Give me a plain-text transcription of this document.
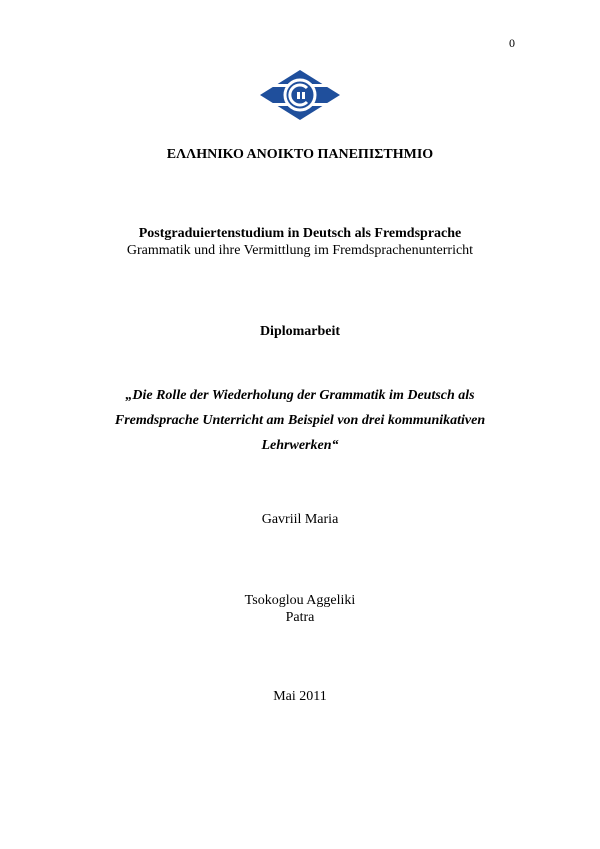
0
ΕΛΛΗΝΙΚΟ ΑΝΟΙΚΤΟ ΠΑΝΕΠΙΣΤΗΜΙΟ
Postgraduiertenstudium in Deutsch als Fremdsprache
Grammatik und ihre Vermittlung im Fremdsprachenunterricht
Diplomarbeit
„Die Rolle der Wiederholung der Grammatik im Deutsch als Fremdsprache Unterricht am Beispiel von drei kommunikativen Lehrwerken“
Gavriil Maria
Tsokoglou Aggeliki
Patra
Mai 2011
